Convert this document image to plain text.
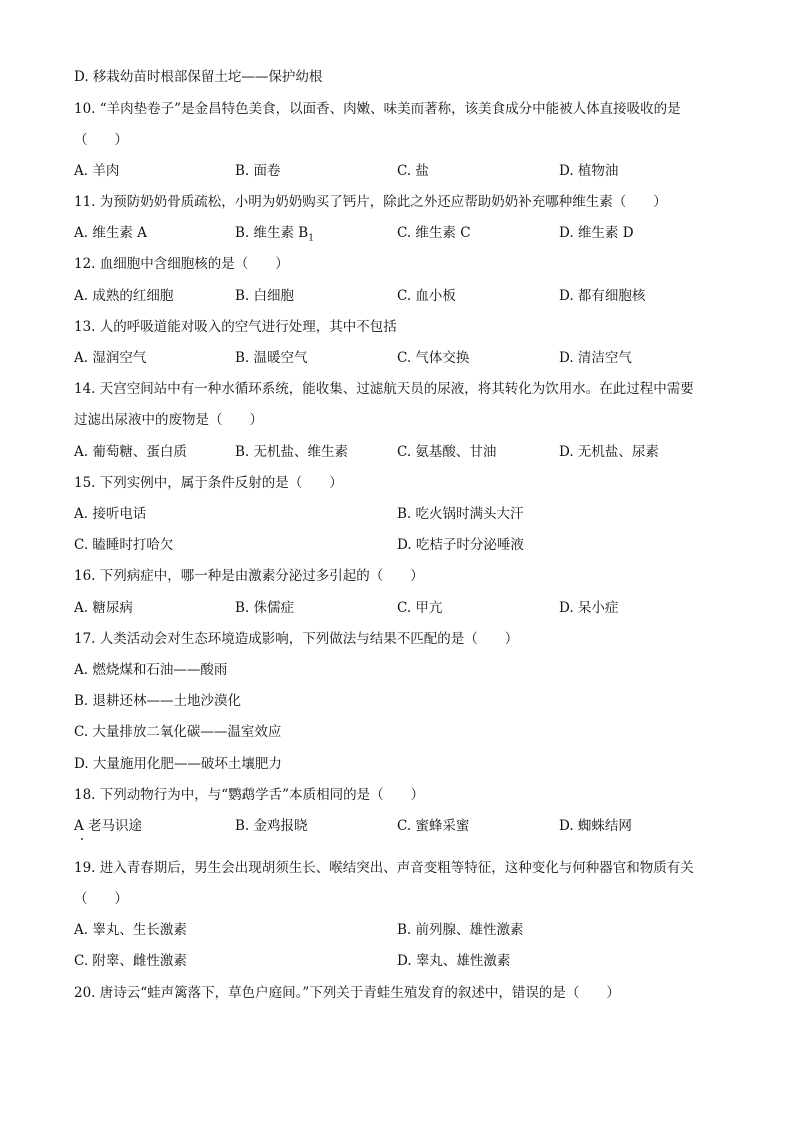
D. 移栽幼苗时根部保留土坨——保护幼根
10. “羊肉垫卷子”是金昌特色美食，以面香、肉嫩、味美而著称，该美食成分中能被人体直接吸收的是
（　　）
A. 羊肉	B. 面卷	C. 盐	D. 植物油
11. 为预防奶奶骨质疏松，小明为奶奶购买了钙片，除此之外还应帮助奶奶补充哪种维生素（　　）
A. 维生素 A	B. 维生素 $B_1$	C. 维生素 C	D. 维生素 D
12. 血细胞中含细胞核的是（　　）
A. 成熟的红细胞	B. 白细胞	C. 血小板	D. 都有细胞核
13. 人的呼吸道能对吸入的空气进行处理，其中不包括
A. 湿润空气	B. 温暖空气	C. 气体交换	D. 清洁空气
14. 天宫空间站中有一种水循环系统，能收集、过滤航天员的尿液，将其转化为饮用水。在此过程中需要
过滤出尿液中的废物是（　　）
A. 葡萄糖、蛋白质	B. 无机盐、维生素	C. 氨基酸、甘油	D. 无机盐、尿素
15. 下列实例中，属于条件反射的是（　　）
A. 接听电话	B. 吃火锅时满头大汗
C. 瞌睡时打哈欠	D. 吃桔子时分泌唾液
16. 下列病症中，哪一种是由激素分泌过多引起的（　　）
A. 糖尿病	B. 侏儒症	C. 甲亢	D. 呆小症
17. 人类活动会对生态环境造成影响，下列做法与结果不匹配的是（　　）
A. 燃烧煤和石油——酸雨
B. 退耕还林——土地沙漠化
C. 大量排放二氧化碳——温室效应
D. 大量施用化肥——破坏土壤肥力
18. 下列动物行为中，与“鹦鹉学舌”本质相同的是（　　）
A 老马识途	B. 金鸡报晓	C. 蜜蜂采蜜	D. 蜘蛛结网
19. 进入青春期后，男生会出现胡须生长、喉结突出、声音变粗等特征，这种变化与何种器官和物质有关
（　　）
A. 睾丸、生长激素	B. 前列腺、雄性激素
C. 附睾、雌性激素	D. 睾丸、雄性激素
20. 唐诗云“蛙声篱落下，草色户庭间。”下列关于青蛙生殖发育的叙述中，错误的是（　　）
